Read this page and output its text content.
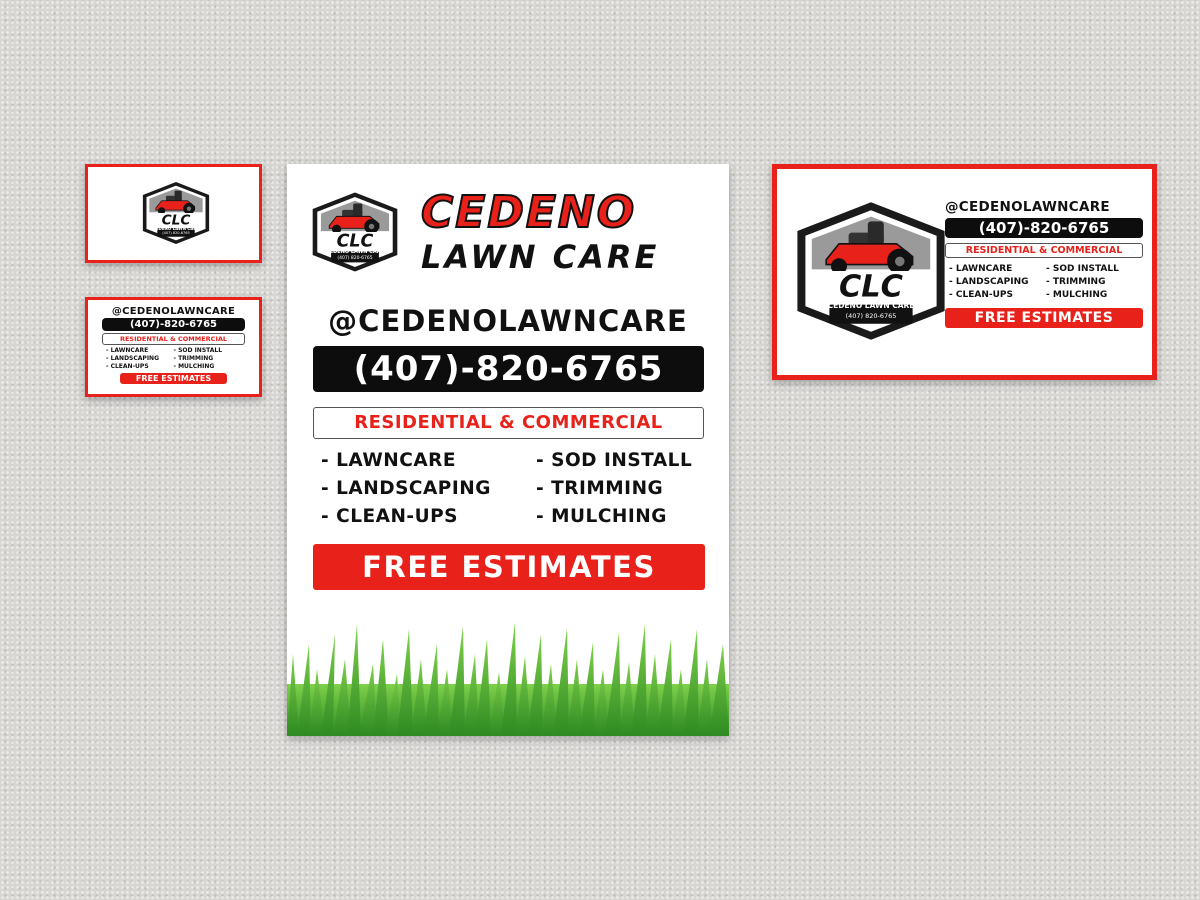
CEDENO LAWN CARE
(407) 820-6765
@CEDENOLAWNCARE
(407)-820-6765
RESIDENTIAL & COMMERCIAL
- LAWNCARE	- SOD INSTALL
- LANDSCAPING	- TRIMMING
- CLEAN-UPS	- MULCHING
FREE ESTIMATES
CEDENO LAWN CARE
(407) 820-6765
CEDENO
LAWN CARE
@CEDENOLAWNCARE
(407)-820-6765
RESIDENTIAL & COMMERCIAL
- LAWNCARE	- SOD INSTALL
- LANDSCAPING	- TRIMMING
- CLEAN-UPS	- MULCHING
FREE ESTIMATES
CEDENO LAWN CARE
(407) 820-6765
@CEDENOLAWNCARE
(407)-820-6765
RESIDENTIAL & COMMERCIAL
- LAWNCARE	- SOD INSTALL
- LANDSCAPING	- TRIMMING
- CLEAN-UPS	- MULCHING
FREE ESTIMATES
